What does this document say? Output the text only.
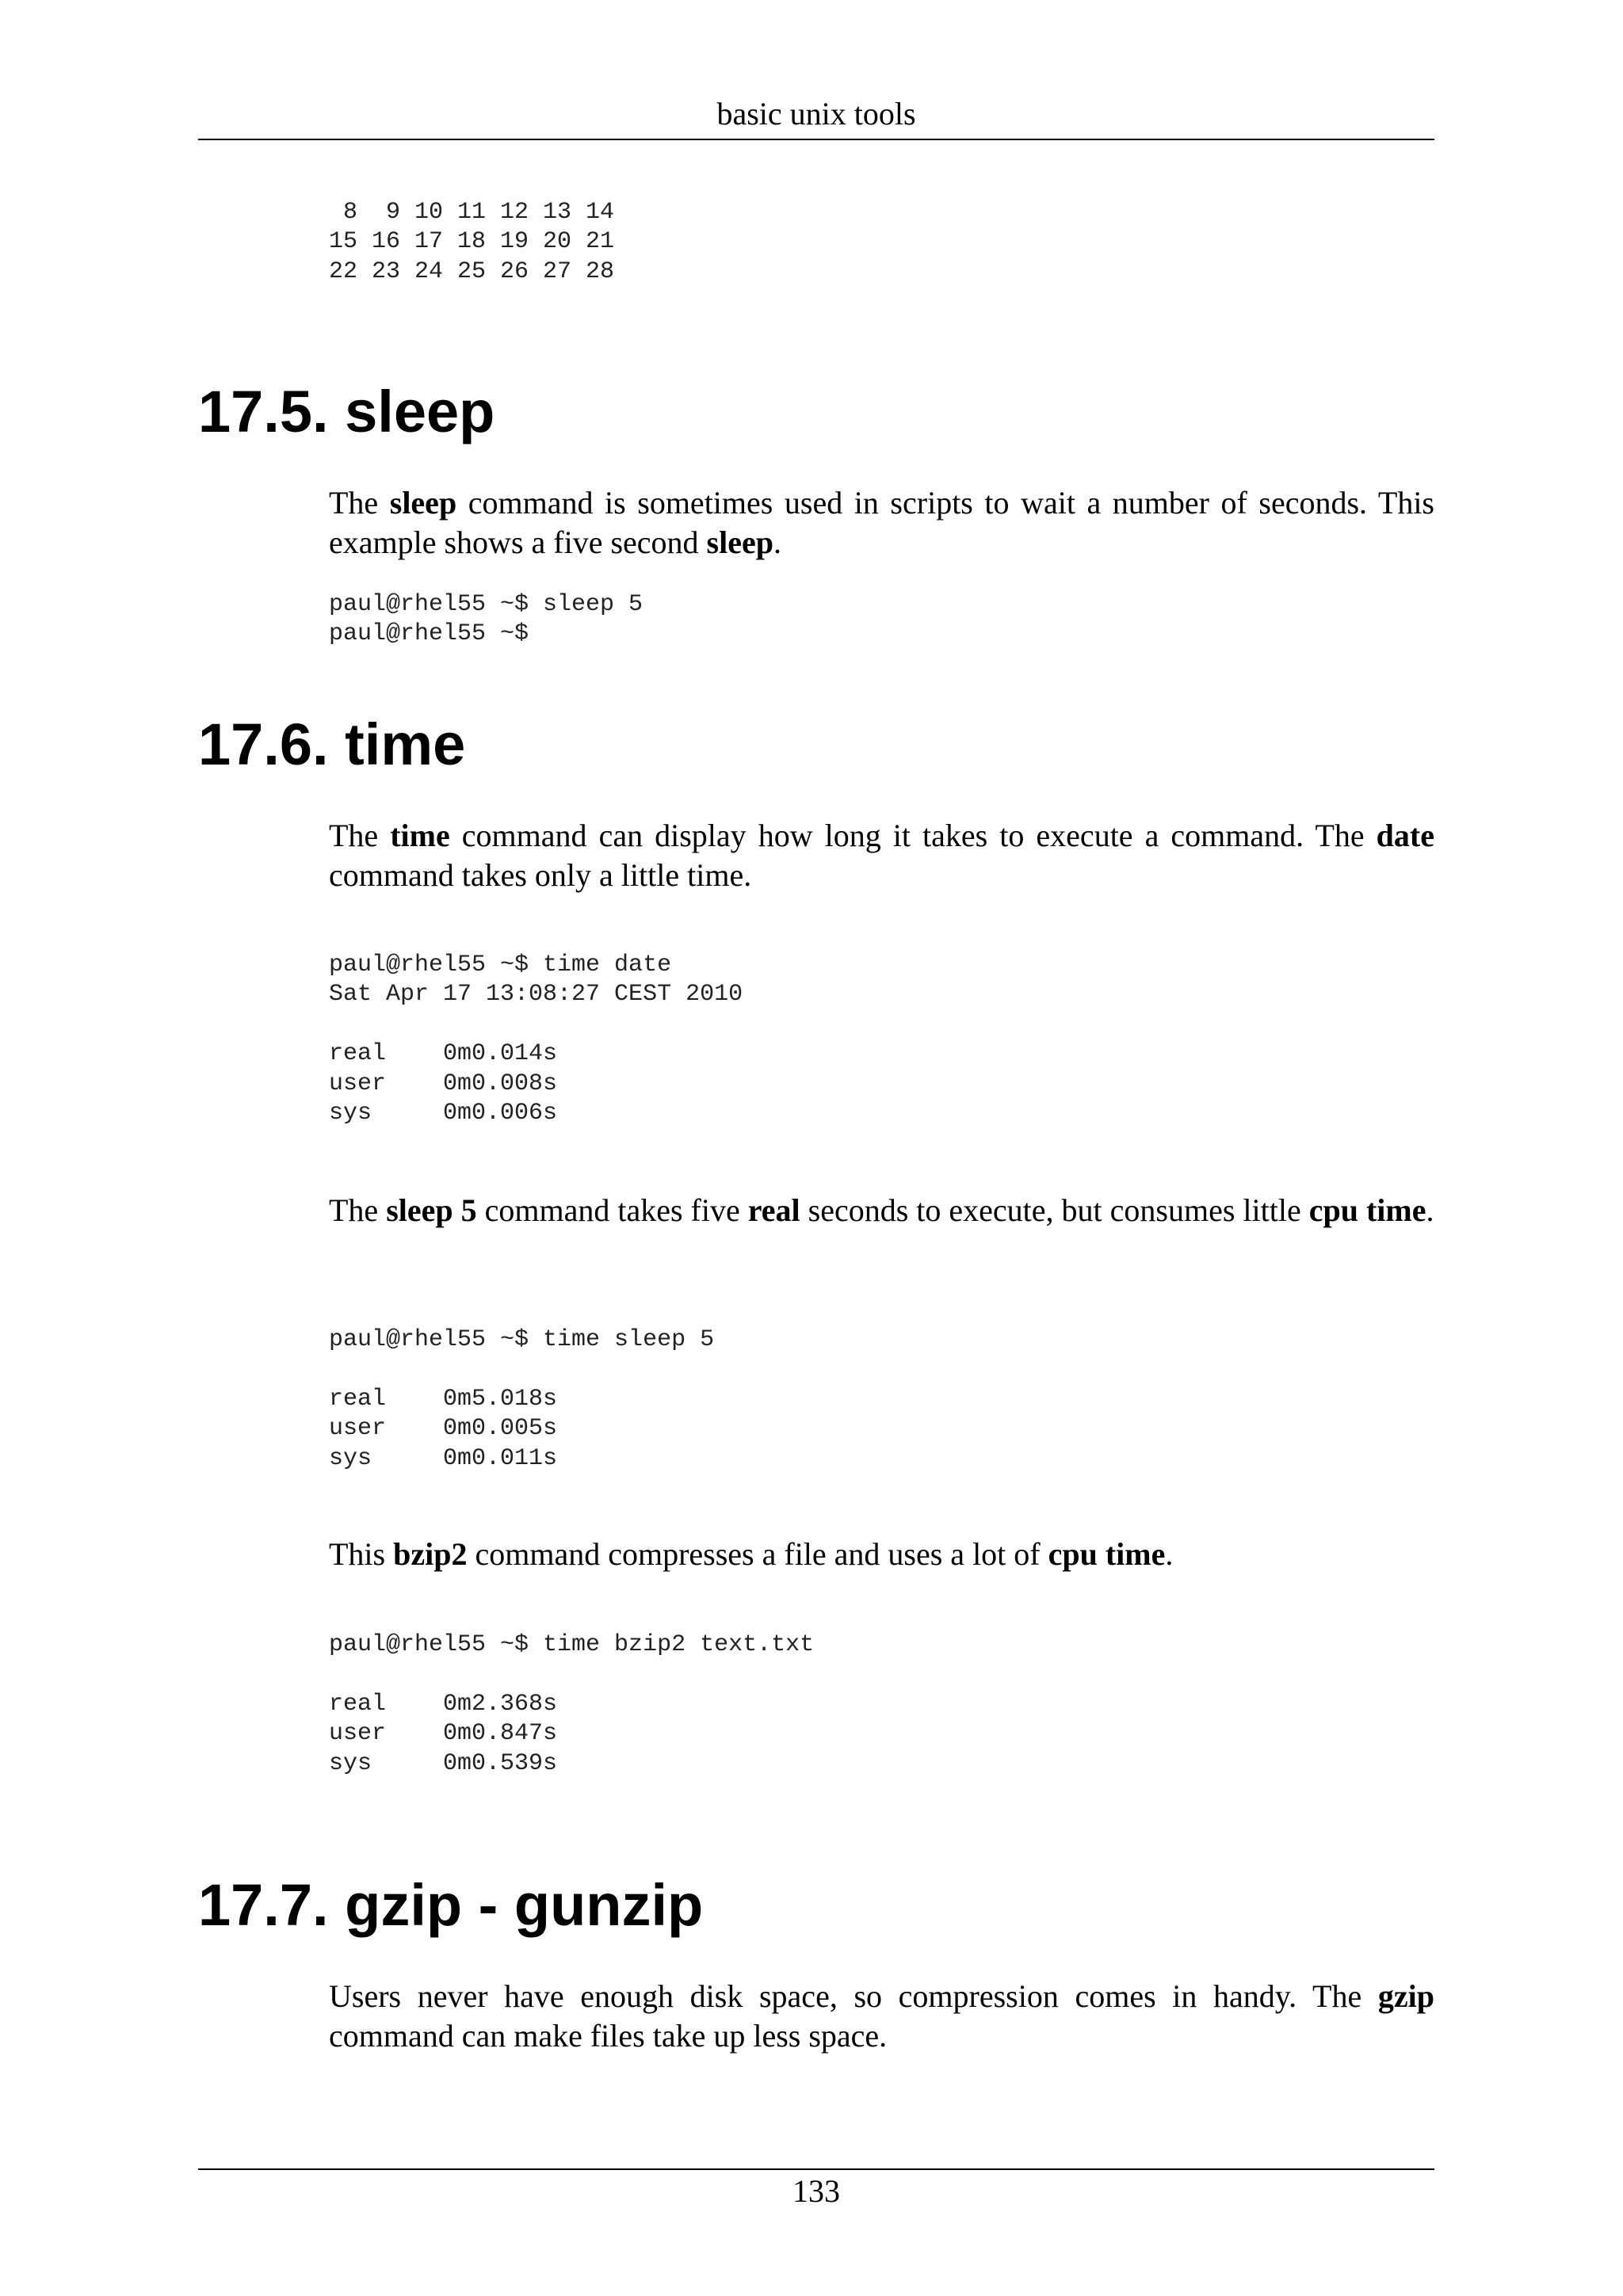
basic unix tools
8  9 10 11 12 13 14
15 16 17 18 19 20 21
22 23 24 25 26 27 28
17.5. sleep

The sleep command is sometimes used in scripts to wait a number of seconds. This example shows a five second sleep.

paul@rhel55 ~$ sleep 5
paul@rhel55 ~$
17.6. time

The time command can display how long it takes to execute a command. The date command takes only a little time.

paul@rhel55 ~$ time date
Sat Apr 17 13:08:27 CEST 2010

real    0m0.014s
user    0m0.008s
sys     0m0.006s

The sleep 5 command takes five real seconds to execute, but consumes little cpu time.

paul@rhel55 ~$ time sleep 5

real    0m5.018s
user    0m0.005s
sys     0m0.011s

This bzip2 command compresses a file and uses a lot of cpu time.

paul@rhel55 ~$ time bzip2 text.txt

real    0m2.368s
user    0m0.847s
sys     0m0.539s
17.7. gzip - gunzip

Users never have enough disk space, so compression comes in handy. The gzip command can make files take up less space.

133
